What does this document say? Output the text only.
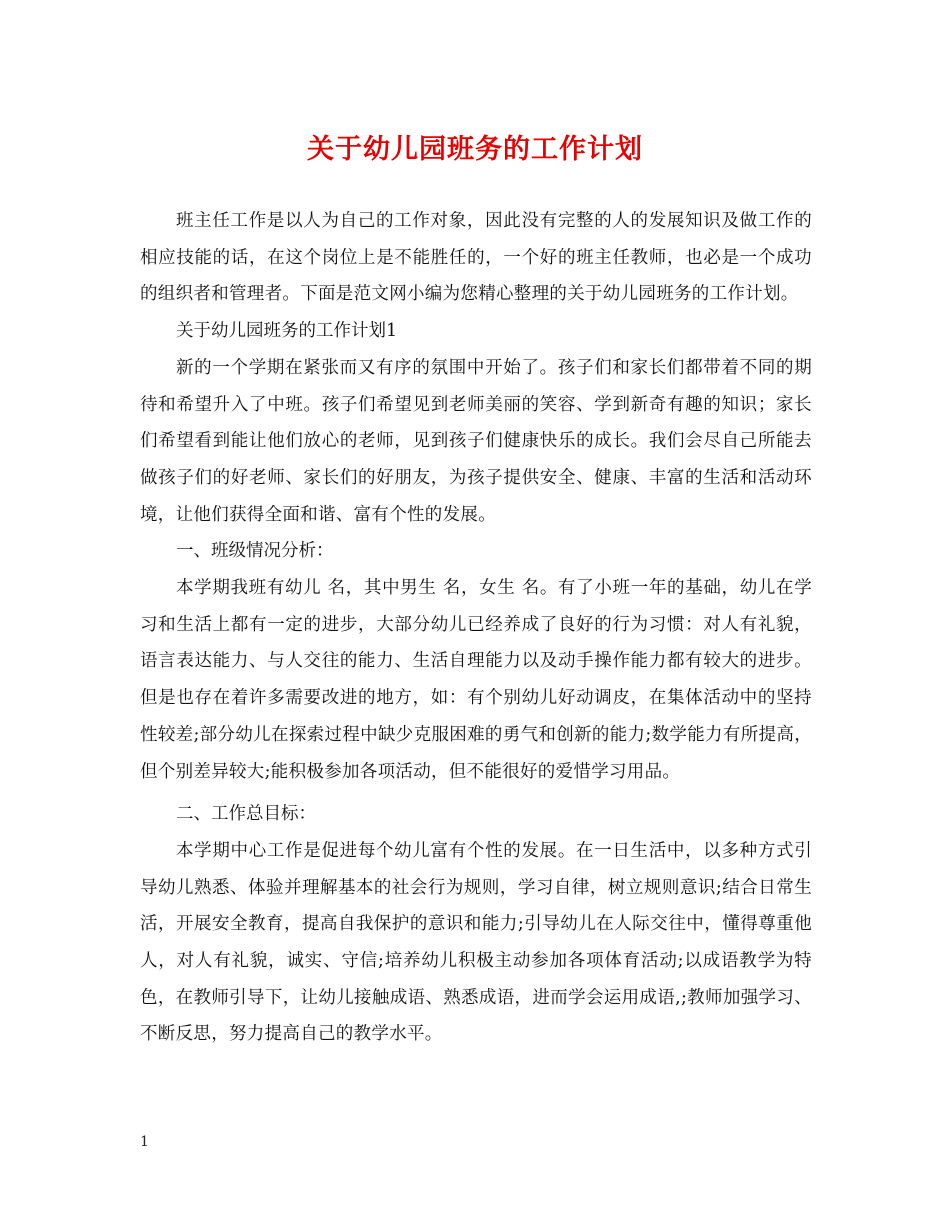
关于幼儿园班务的工作计划

班主任工作是以人为自己的工作对象，因此没有完整的人的发展知识及做工作的相应技能的话，在这个岗位上是不能胜任的，一个好的班主任教师，也必是一个成功的组织者和管理者。下面是范文网小编为您精心整理的关于幼儿园班务的工作计划。

关于幼儿园班务的工作计划1

新的一个学期在紧张而又有序的氛围中开始了。孩子们和家长们都带着不同的期待和希望升入了中班。孩子们希望见到老师美丽的笑容、学到新奇有趣的知识；家长们希望看到能让他们放心的老师，见到孩子们健康快乐的成长。我们会尽自己所能去做孩子们的好老师、家长们的好朋友，为孩子提供安全、健康、丰富的生活和活动环境，让他们获得全面和谐、富有个性的发展。

一、班级情况分析：

本学期我班有幼儿 名，其中男生 名，女生 名。有了小班一年的基础，幼儿在学习和生活上都有一定的进步，大部分幼儿已经养成了良好的行为习惯：对人有礼貌，语言表达能力、与人交往的能力、生活自理能力以及动手操作能力都有较大的进步。但是也存在着许多需要改进的地方，如：有个别幼儿好动调皮，在集体活动中的坚持性较差;部分幼儿在探索过程中缺少克服困难的勇气和创新的能力;数学能力有所提高，但个别差异较大;能积极参加各项活动，但不能很好的爱惜学习用品。

二、工作总目标：

本学期中心工作是促进每个幼儿富有个性的发展。在一日生活中，以多种方式引导幼儿熟悉、体验并理解基本的社会行为规则，学习自律，树立规则意识;结合日常生活，开展安全教育，提高自我保护的意识和能力;引导幼儿在人际交往中，懂得尊重他人，对人有礼貌，诚实、守信;培养幼儿积极主动参加各项体育活动;以成语教学为特色，在教师引导下，让幼儿接触成语、熟悉成语，进而学会运用成语,;教师加强学习、不断反思，努力提高自己的教学水平。

1
